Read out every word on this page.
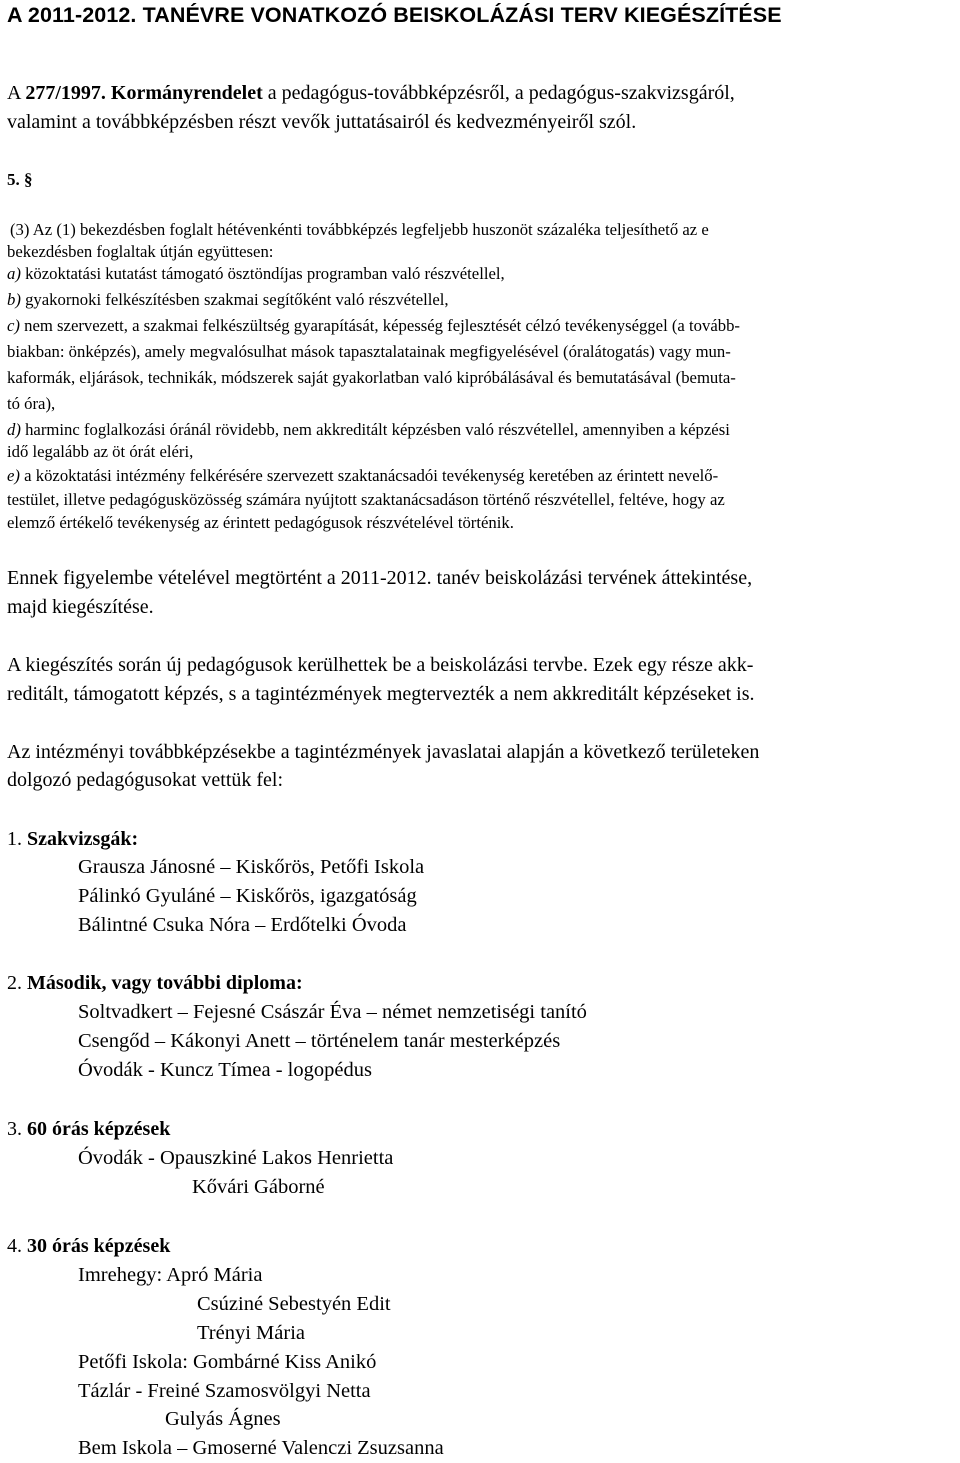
A 2011-2012. TANÉVRE VONATKOZÓ BEISKOLÁZÁSI TERV KIEGÉSZÍTÉSE
A 277/1997. Kormányrendelet a pedagógus-továbbképzésről, a pedagógus-szakvizsgáról,
valamint a továbbképzésben részt vevők juttatásairól és kedvezményeiről szól.
5. §
(3) Az (1) bekezdésben foglalt hétévenkénti továbbképzés legfeljebb huszonöt százaléka teljesíthető az e
bekezdésben foglaltak útján együttesen:
a) közoktatási kutatást támogató ösztöndíjas programban való részvétellel,
b) gyakornoki felkészítésben szakmai segítőként való részvétellel,
c) nem szervezett, a szakmai felkészültség gyarapítását, képesség fejlesztését célzó tevékenységgel (a tovább-
biakban: önképzés), amely megvalósulhat mások tapasztalatainak megfigyelésével (óralátogatás) vagy mun-
kaformák, eljárások, technikák, módszerek saját gyakorlatban való kipróbálásával és bemutatásával (bemuta-
tó óra),
d) harminc foglalkozási óránál rövidebb, nem akkreditált képzésben való részvétellel, amennyiben a képzési
idő legalább az öt órát eléri,
e) a közoktatási intézmény felkérésére szervezett szaktanácsadói tevékenység keretében az érintett nevelő-
testület, illetve pedagógusközösség számára nyújtott szaktanácsadáson történő részvétellel, feltéve, hogy az
elemző értékelő tevékenység az érintett pedagógusok részvételével történik.
Ennek figyelembe vételével megtörtént a 2011-2012. tanév beiskolázási tervének áttekintése,
majd kiegészítése.
A kiegészítés során új pedagógusok kerülhettek be a beiskolázási tervbe. Ezek egy része akk-
reditált, támogatott képzés, s a tagintézmények megtervezték a nem akkreditált képzéseket is.
Az intézményi továbbképzésekbe a tagintézmények javaslatai alapján a következő területeken
dolgozó pedagógusokat vettük fel:
1. Szakvizsgák:
Grausza Jánosné – Kiskőrös, Petőfi Iskola
Pálinkó Gyuláné – Kiskőrös, igazgatóság
Bálintné Csuka Nóra – Erdőtelki Óvoda
2. Második, vagy további diploma:
Soltvadkert – Fejesné Császár Éva – német nemzetiségi tanító
Csengőd – Kákonyi Anett – történelem tanár mesterképzés
Óvodák - Kuncz Tímea - logopédus
3. 60 órás képzések
Óvodák - Opauszkiné Lakos Henrietta
Kővári Gáborné
4. 30 órás képzések
Imrehegy: Apró Mária
Csúziné Sebestyén Edit
Trényi Mária
Petőfi Iskola: Gombárné Kiss Anikó
Tázlár - Freiné Szamosvölgyi Netta
Gulyás Ágnes
Bem Iskola – Gmoserné Valenczi Zsuzsanna
